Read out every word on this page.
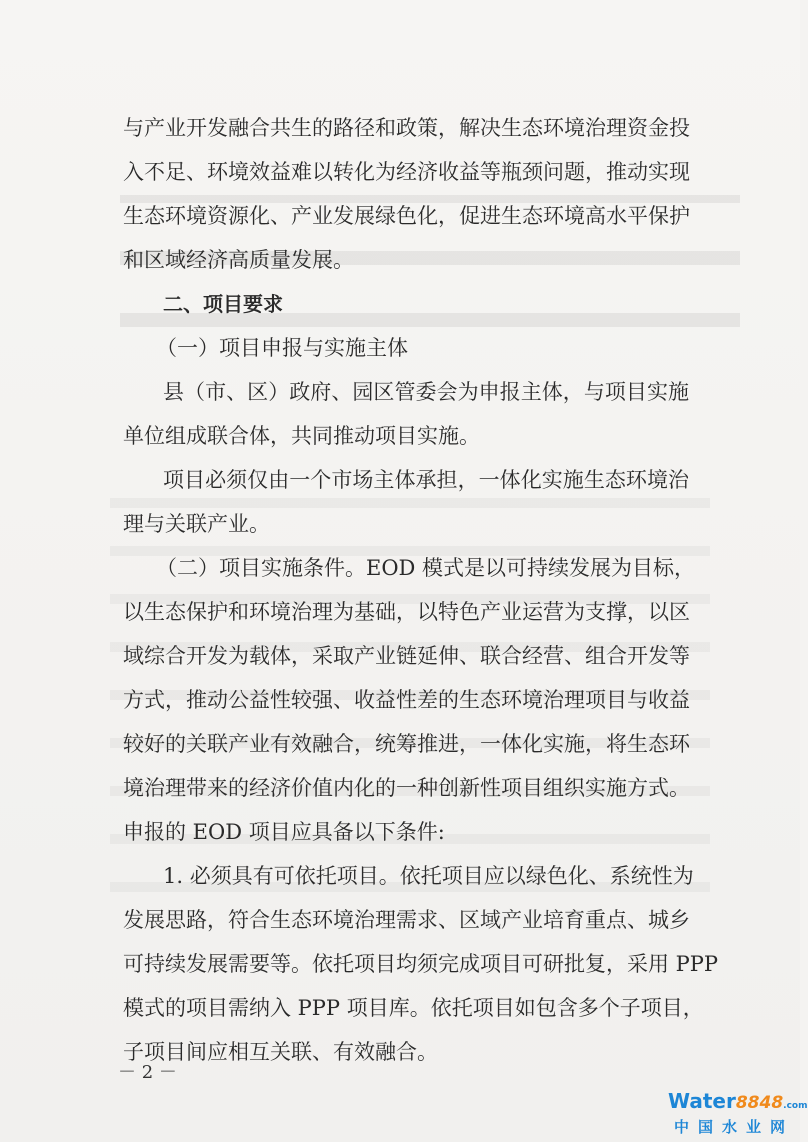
与产业开发融合共生的路径和政策，解决生态环境治理资金投
入不足、环境效益难以转化为经济收益等瓶颈问题，推动实现
生态环境资源化、产业发展绿色化，促进生态环境高水平保护
和区域经济高质量发展。
二、项目要求
（一）项目申报与实施主体
县（市、区）政府、园区管委会为申报主体，与项目实施
单位组成联合体，共同推动项目实施。
项目必须仅由一个市场主体承担，一体化实施生态环境治
理与关联产业。
（二）项目实施条件。EOD 模式是以可持续发展为目标，
以生态保护和环境治理为基础，以特色产业运营为支撑，以区
域综合开发为载体，采取产业链延伸、联合经营、组合开发等
方式，推动公益性较强、收益性差的生态环境治理项目与收益
较好的关联产业有效融合，统筹推进，一体化实施，将生态环
境治理带来的经济价值内化的一种创新性项目组织实施方式。
申报的 EOD 项目应具备以下条件:
1. 必须具有可依托项目。依托项目应以绿色化、系统性为
发展思路，符合生态环境治理需求、区域产业培育重点、城乡
可持续发展需要等。依托项目均须完成项目可研批复，采用 PPP
模式的项目需纳入 PPP 项目库。依托项目如包含多个子项目，
－ 2 －
Water8848.com
中国水业网
子项目间应相互关联、有效融合。
